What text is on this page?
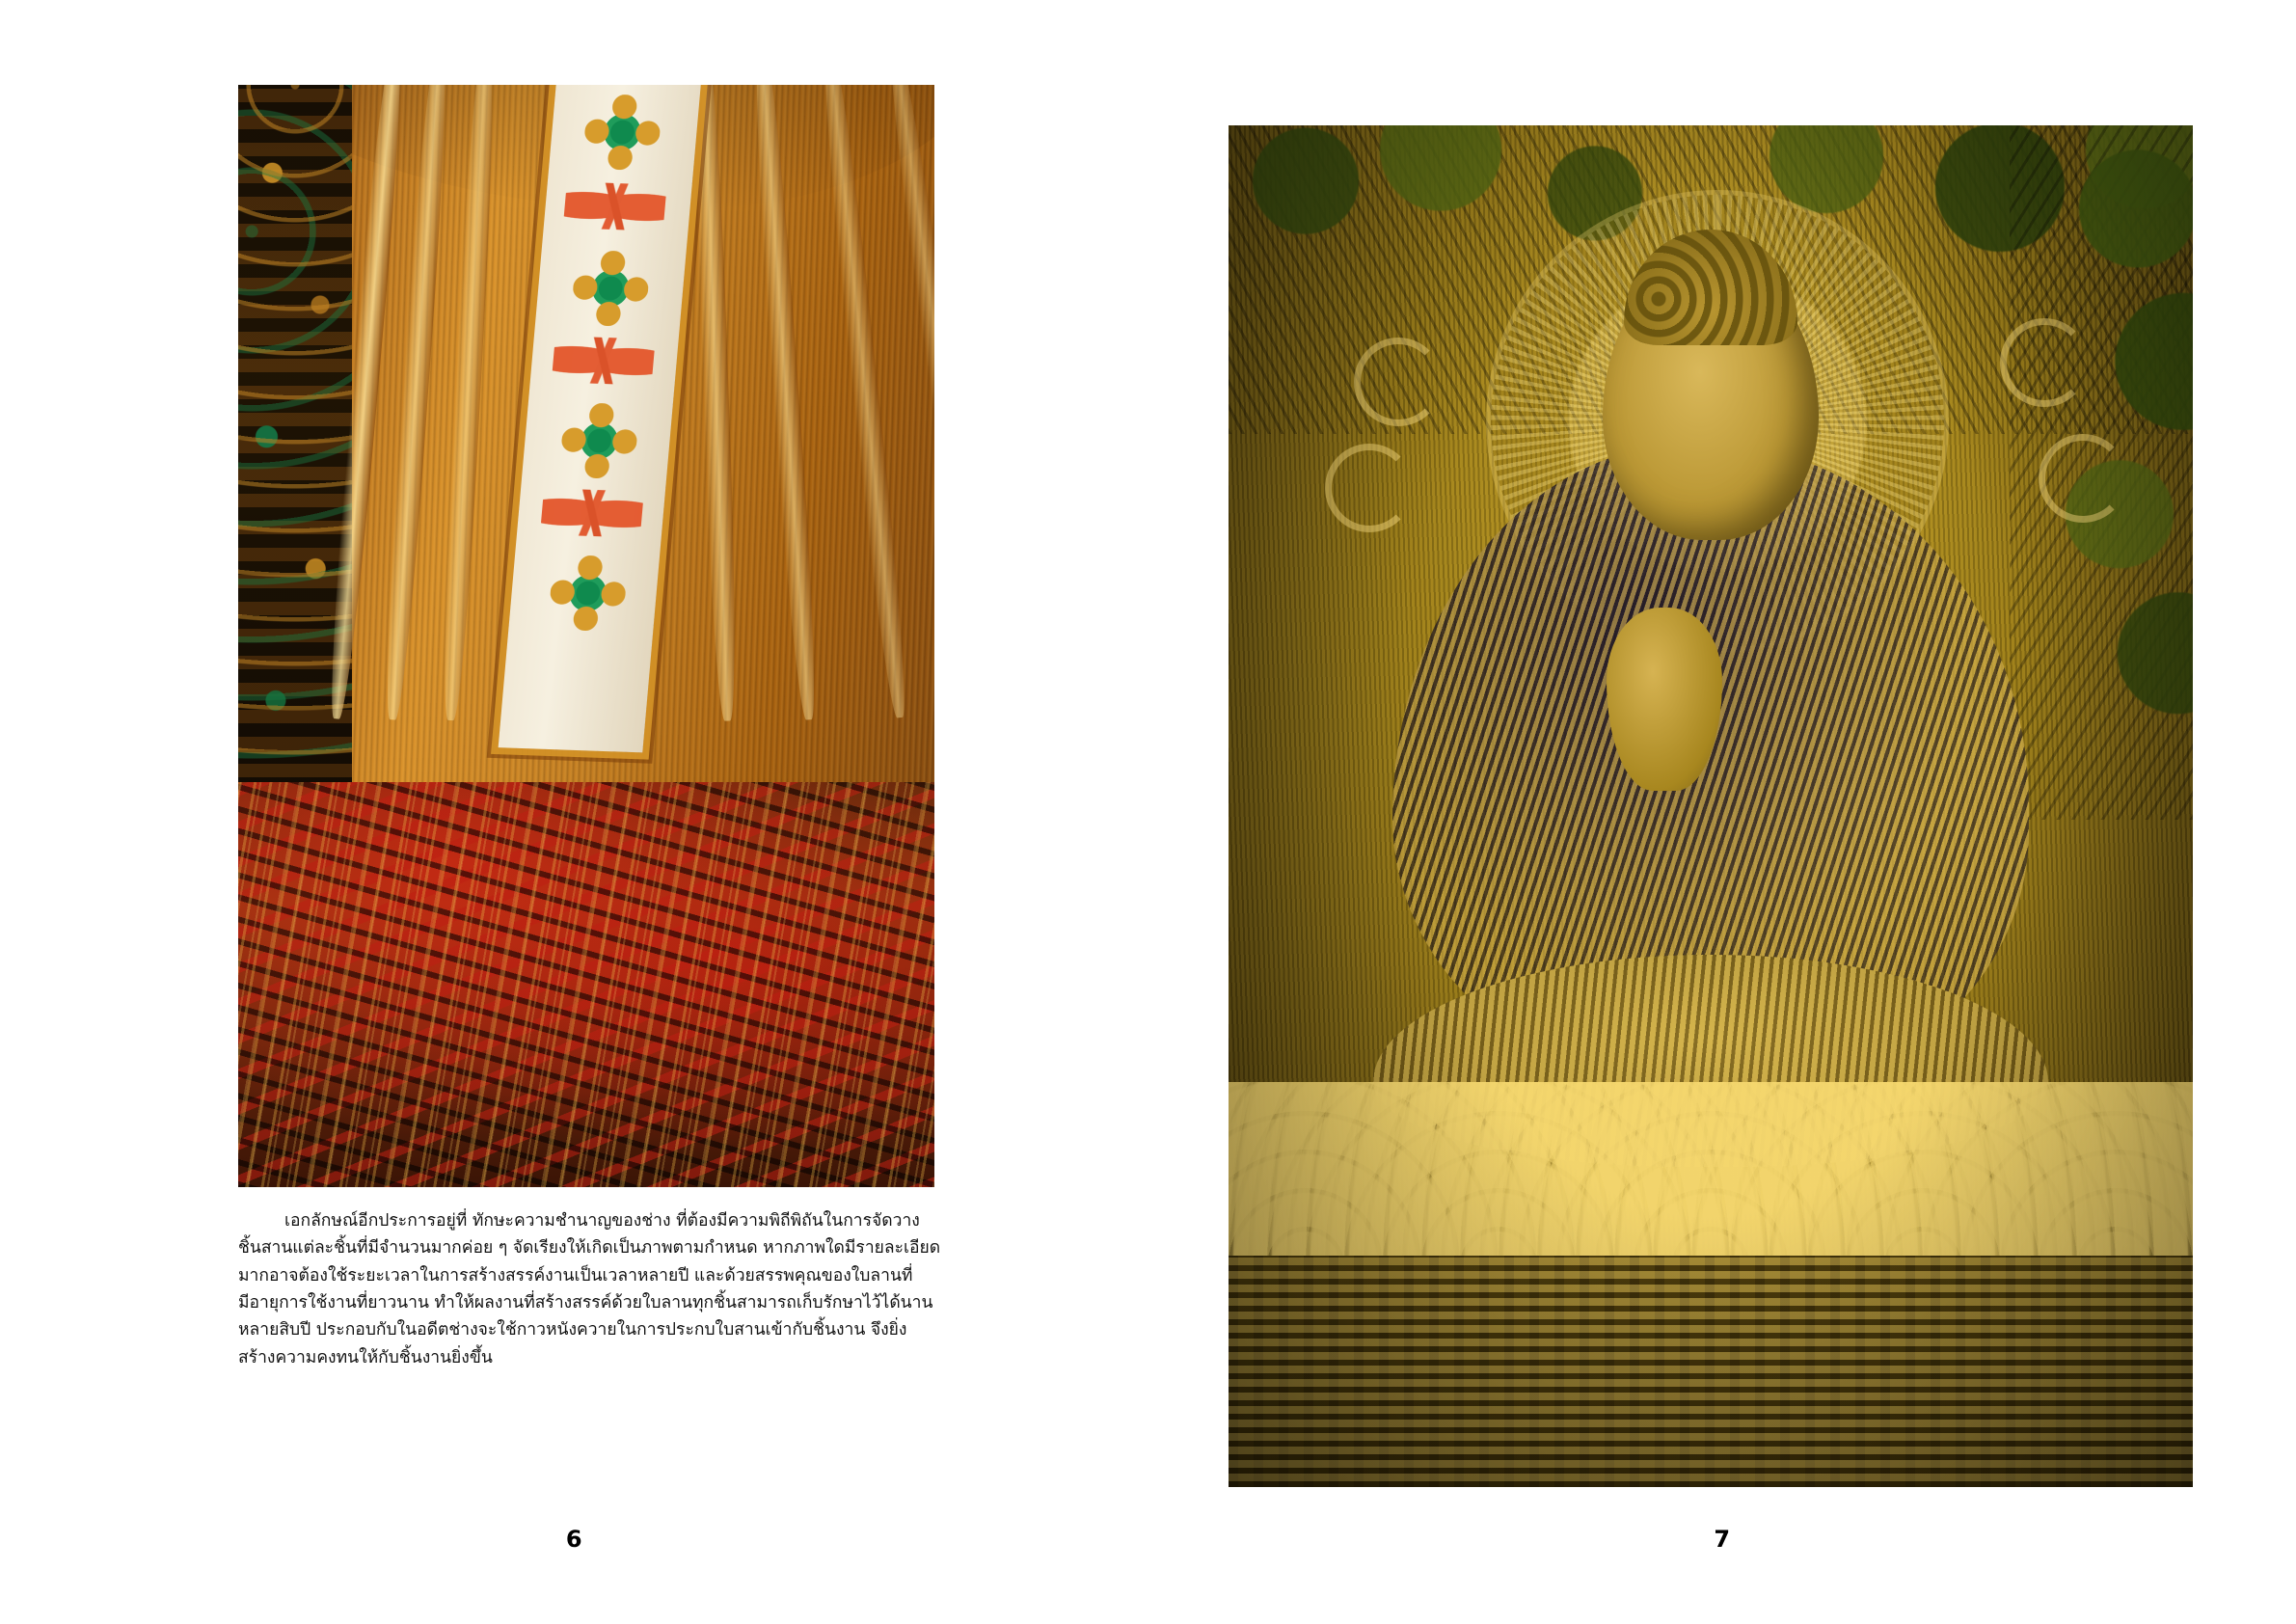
เอกลักษณ์อีกประการอยู่ที่ ทักษะความชำนาญของช่าง ที่ต้องมีความพิถีพิถันในการจัดวางชิ้นสานแต่ละชิ้นที่มีจำนวนมากค่อย ๆ จัดเรียงให้เกิดเป็นภาพตามกำหนด หากภาพใดมีรายละเอียดมากอาจต้องใช้ระยะเวลาในการสร้างสรรค์งานเป็นเวลาหลายปี และด้วยสรรพคุณของใบลานที่มีอายุการใช้งานที่ยาวนาน ทำให้ผลงานที่สร้างสรรค์ด้วยใบลานทุกชิ้นสามารถเก็บรักษาไว้ได้นานหลายสิบปี ประกอบกับในอดีตช่างจะใช้กาวหนังควายในการประกบใบสานเข้ากับชิ้นงาน จึงยิ่งสร้างความคงทนให้กับชิ้นงานยิ่งขึ้น

6	7
